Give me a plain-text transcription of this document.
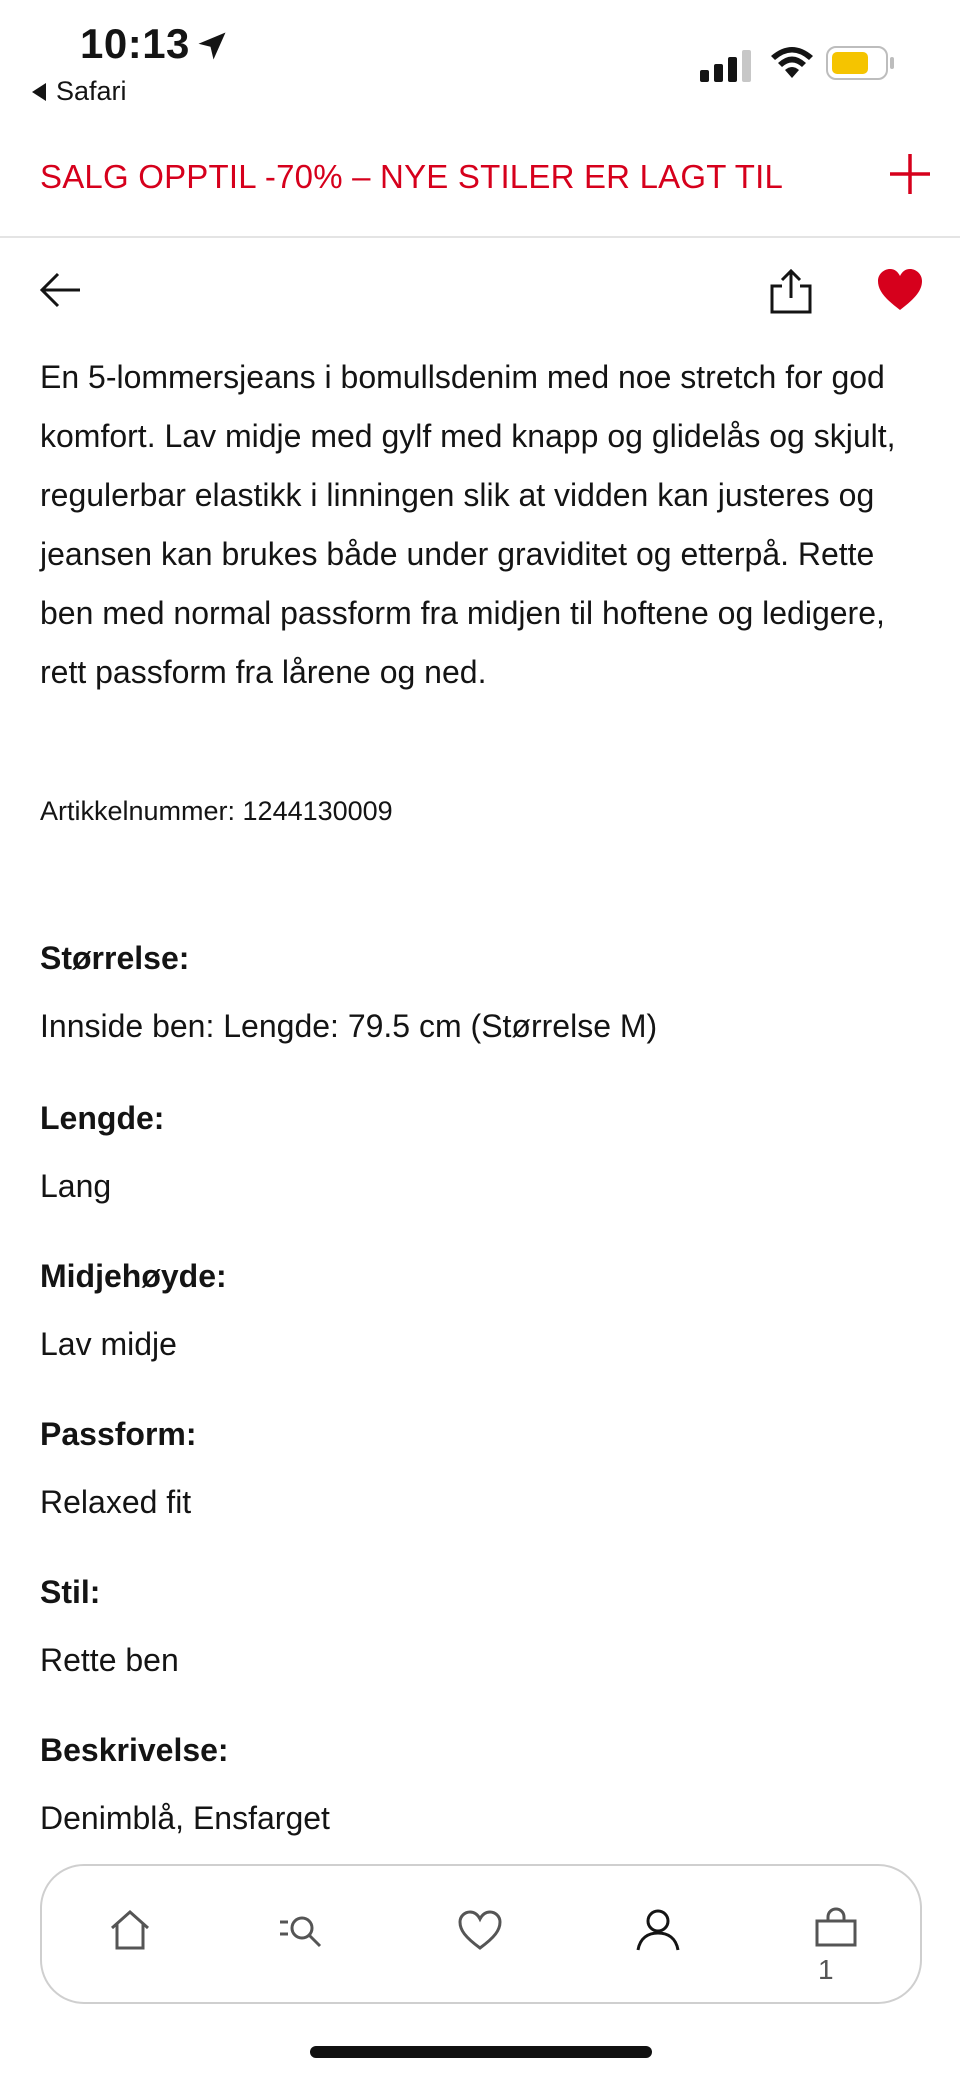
10:13
Safari
SALG OPPTIL -70% – NYE STILER ER LAGT TIL

En 5-lommersjeans i bomullsdenim med noe stretch for god komfort. Lav midje med gylf med knapp og glidelås og skjult, regulerbar elastikk i linningen slik at vidden kan justeres og jeansen kan brukes både under graviditet og etterpå. Rette ben med normal passform fra midjen til hoftene og ledigere, rett passform fra lårene og ned.

Artikkelnummer: 1244130009
Størrelse:
Innside ben: Lengde: 79.5 cm (Størrelse M)
Lengde:
Lang
Midjehøyde:
Lav midje
Passform:
Relaxed fit
Stil:
Rette ben
Beskrivelse:
Denimblå, Ensfarget
1
